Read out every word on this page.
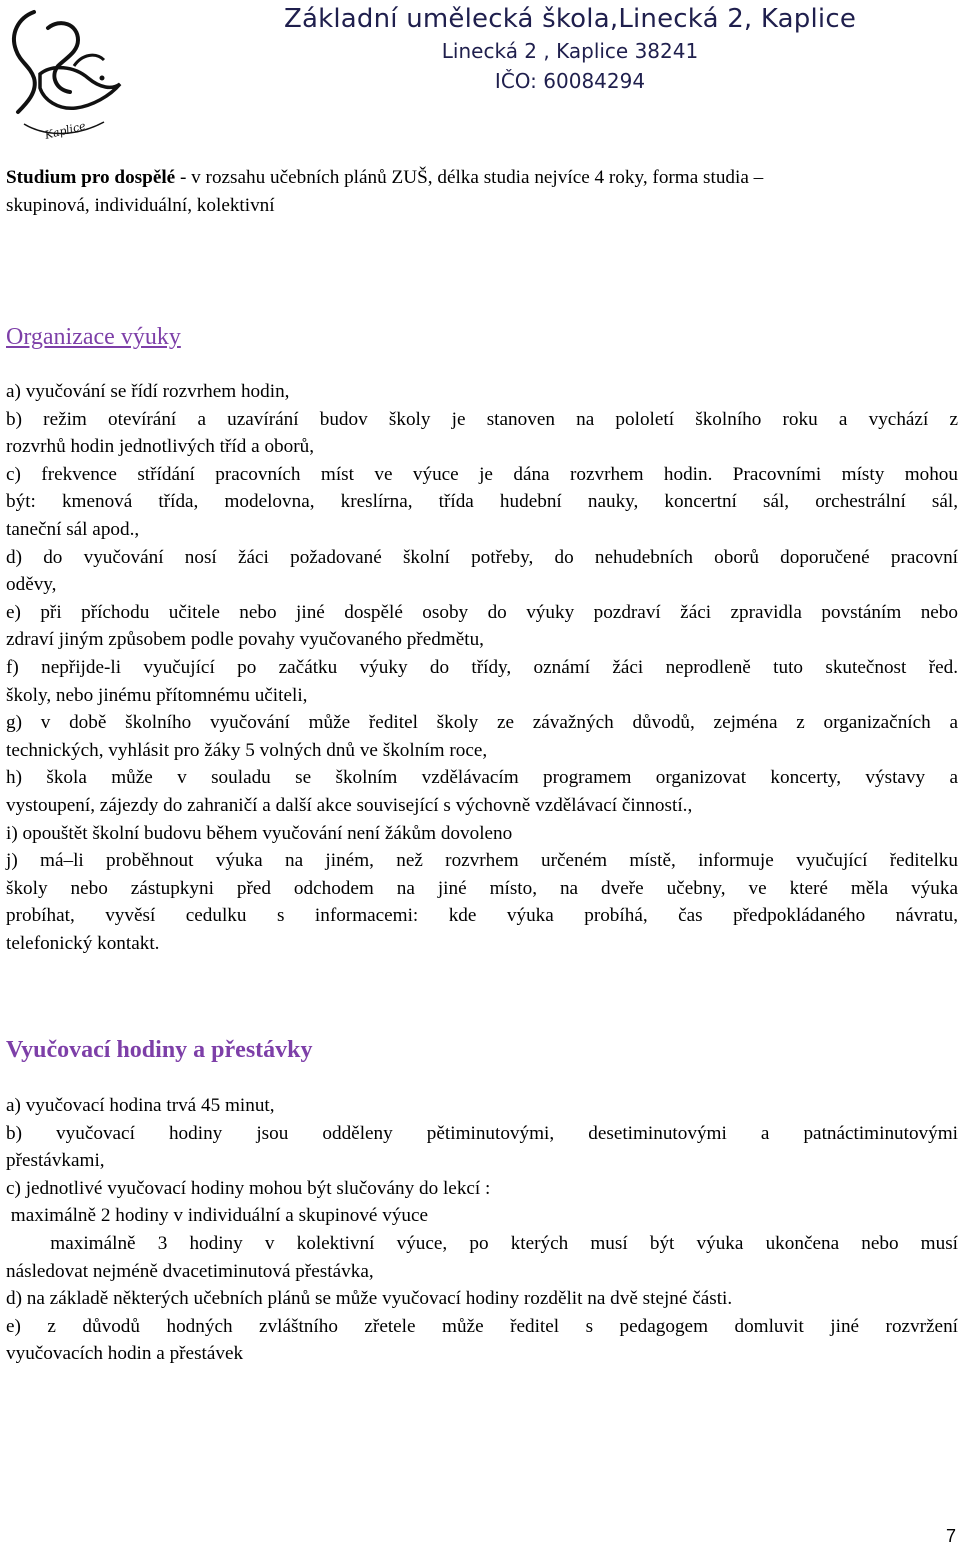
Kaplice
Základní umělecká škola,Linecká 2, Kaplice
Linecká 2 , Kaplice 38241
IČO: 60084294
Studium pro dospělé - v rozsahu učebních plánů ZUŠ, délka studia nejvíce 4 roky, forma studia –
skupinová, individuální, kolektivní
Organizace výuky
a) vyučování se řídí rozvrhem hodin,
b) režim otevírání a uzavírání budov školy je stanoven na pololetí školního roku a vychází z
rozvrhů hodin jednotlivých tříd a oborů,
c) frekvence střídání pracovních míst ve výuce je dána rozvrhem hodin. Pracovními místy mohou
být: kmenová třída, modelovna, kreslírna, třída hudební nauky, koncertní sál, orchestrální sál,
taneční sál apod.,
d) do vyučování nosí žáci požadované školní potřeby, do nehudebních oborů doporučené pracovní
oděvy,
e) při příchodu učitele nebo jiné dospělé osoby do výuky pozdraví žáci zpravidla povstáním nebo
zdraví jiným způsobem podle povahy vyučovaného předmětu,
f) nepřijde-li vyučující po začátku výuky do třídy, oznámí žáci neprodleně tuto skutečnost řed.
školy, nebo jinému přítomnému učiteli,
g) v době školního vyučování může ředitel školy ze závažných důvodů, zejména z organizačních a
technických, vyhlásit pro žáky 5 volných dnů ve školním roce,
h) škola může v souladu se školním vzdělávacím programem organizovat koncerty, výstavy a
vystoupení, zájezdy do zahraničí a další akce související s výchovně vzdělávací činností.,
i) opouštět školní budovu během vyučování není žákům dovoleno
j) má–li proběhnout výuka na jiném, než rozvrhem určeném místě, informuje vyučující ředitelku
školy nebo zástupkyni před odchodem na jiné místo, na dveře učebny, ve které měla výuka
probíhat, vyvěsí cedulku s informacemi: kde výuka probíhá, čas předpokládaného návratu,
telefonický kontakt.
Vyučovací hodiny a přestávky
a) vyučovací hodina trvá 45 minut,
b) vyučovací hodiny jsou odděleny pětiminutovými, desetiminutovými a patnáctiminutovými
přestávkami,
c) jednotlivé vyučovací hodiny mohou být slučovány do lekcí :
maximálně 2 hodiny v individuální a skupinové výuce
maximálně 3 hodiny v kolektivní výuce, po kterých musí být výuka ukončena nebo musí
následovat nejméně dvacetiminutová přestávka,
d) na základě některých učebních plánů se může vyučovací hodiny rozdělit na dvě stejné části.
e) z důvodů hodných zvláštního zřetele může ředitel s pedagogem domluvit jiné rozvržení
vyučovacích hodin a přestávek
7
